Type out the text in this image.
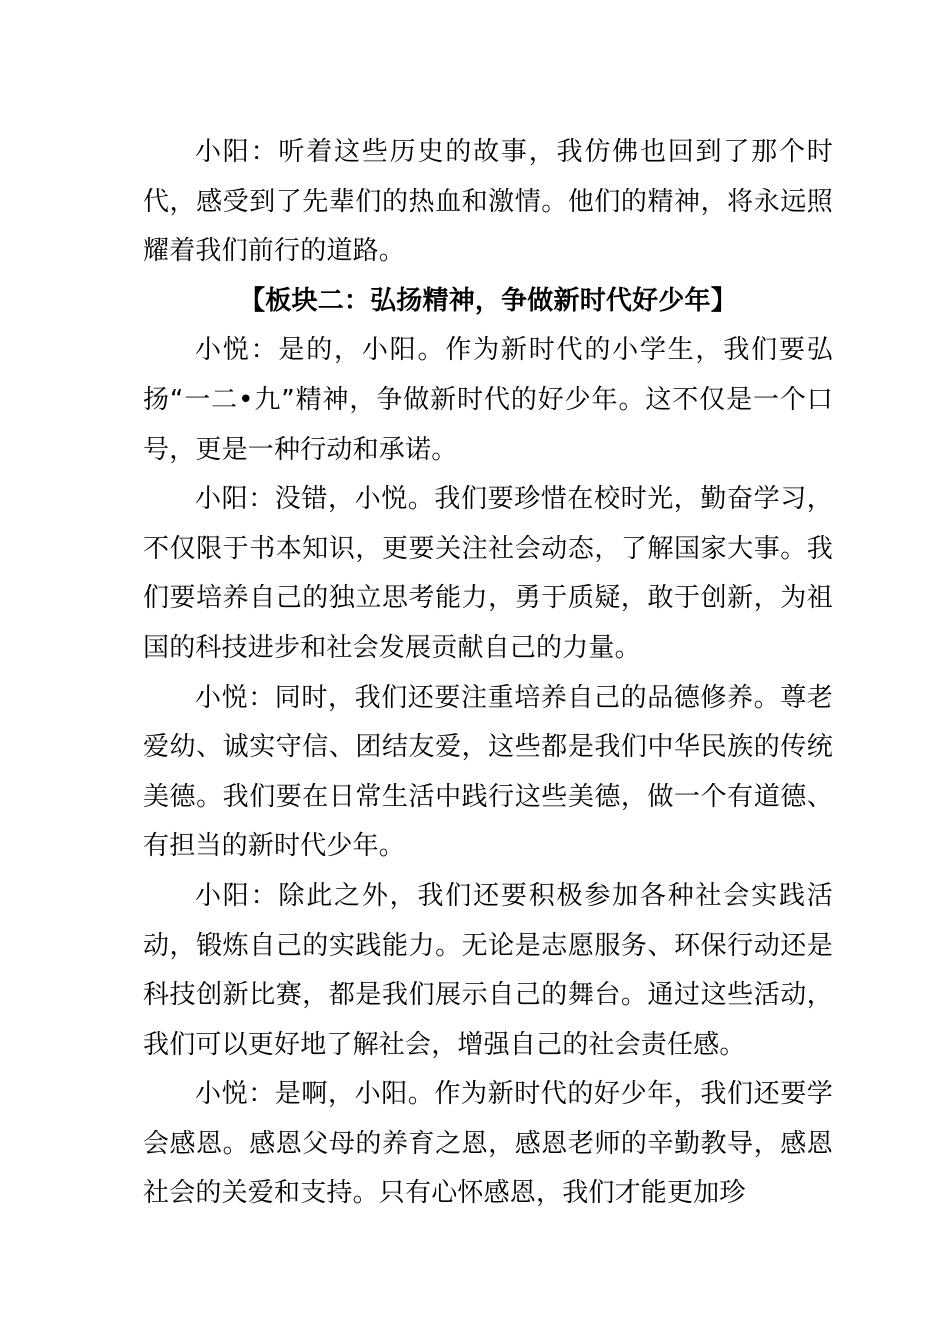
小阳：听着这些历史的故事，我仿佛也回到了那个时代，感受到了先辈们的热血和激情。他们的精神，将永远照耀着我们前行的道路。

【板块二：弘扬精神，争做新时代好少年】

小悦：是的，小阳。作为新时代的小学生，我们要弘扬“一二•九”精神，争做新时代的好少年。这不仅是一个口号，更是一种行动和承诺。

小阳：没错，小悦。我们要珍惜在校时光，勤奋学习，不仅限于书本知识，更要关注社会动态，了解国家大事。我们要培养自己的独立思考能力，勇于质疑，敢于创新，为祖国的科技进步和社会发展贡献自己的力量。

小悦：同时，我们还要注重培养自己的品德修养。尊老爱幼、诚实守信、团结友爱，这些都是我们中华民族的传统美德。我们要在日常生活中践行这些美德，做一个有道德、有担当的新时代少年。

小阳：除此之外，我们还要积极参加各种社会实践活动，锻炼自己的实践能力。无论是志愿服务、环保行动还是科技创新比赛，都是我们展示自己的舞台。通过这些活动，我们可以更好地了解社会，增强自己的社会责任感。

小悦：是啊，小阳。作为新时代的好少年，我们还要学会感恩。感恩父母的养育之恩，感恩老师的辛勤教导，感恩社会的关爱和支持。只有心怀感恩，我们才能更加珍
